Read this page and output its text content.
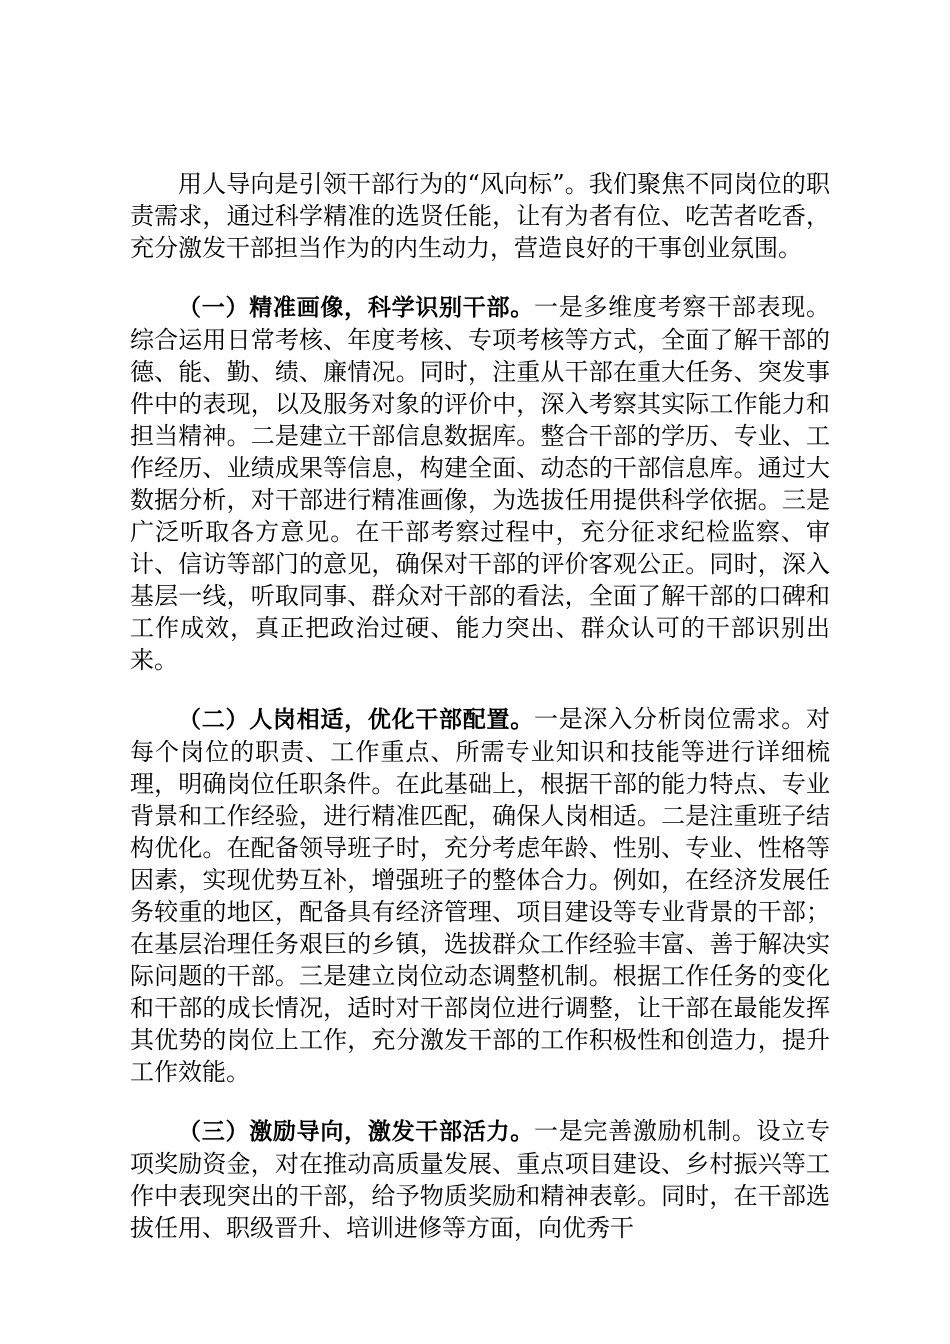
用人导向是引领干部行为的“风向标”。我们聚焦不同岗位的职责需求，通过科学精准的选贤任能，让有为者有位、吃苦者吃香，充分激发干部担当作为的内生动力，营造良好的干事创业氛围。

（一）精准画像，科学识别干部。一是多维度考察干部表现。综合运用日常考核、年度考核、专项考核等方式，全面了解干部的德、能、勤、绩、廉情况。同时，注重从干部在重大任务、突发事件中的表现，以及服务对象的评价中，深入考察其实际工作能力和担当精神。二是建立干部信息数据库。整合干部的学历、专业、工作经历、业绩成果等信息，构建全面、动态的干部信息库。通过大数据分析，对干部进行精准画像，为选拔任用提供科学依据。三是广泛听取各方意见。在干部考察过程中，充分征求纪检监察、审计、信访等部门的意见，确保对干部的评价客观公正。同时，深入基层一线，听取同事、群众对干部的看法，全面了解干部的口碑和工作成效，真正把政治过硬、能力突出、群众认可的干部识别出来。

（二）人岗相适，优化干部配置。一是深入分析岗位需求。对每个岗位的职责、工作重点、所需专业知识和技能等进行详细梳理，明确岗位任职条件。在此基础上，根据干部的能力特点、专业背景和工作经验，进行精准匹配，确保人岗相适。二是注重班子结构优化。在配备领导班子时，充分考虑年龄、性别、专业、性格等因素，实现优势互补，增强班子的整体合力。例如，在经济发展任务较重的地区，配备具有经济管理、项目建设等专业背景的干部；在基层治理任务艰巨的乡镇，选拔群众工作经验丰富、善于解决实际问题的干部。三是建立岗位动态调整机制。根据工作任务的变化和干部的成长情况，适时对干部岗位进行调整，让干部在最能发挥其优势的岗位上工作，充分激发干部的工作积极性和创造力，提升工作效能。

（三）激励导向，激发干部活力。一是完善激励机制。设立专项奖励资金，对在推动高质量发展、重点项目建设、乡村振兴等工作中表现突出的干部，给予物质奖励和精神表彰。同时，在干部选拔任用、职级晋升、培训进修等方面，向优秀干
